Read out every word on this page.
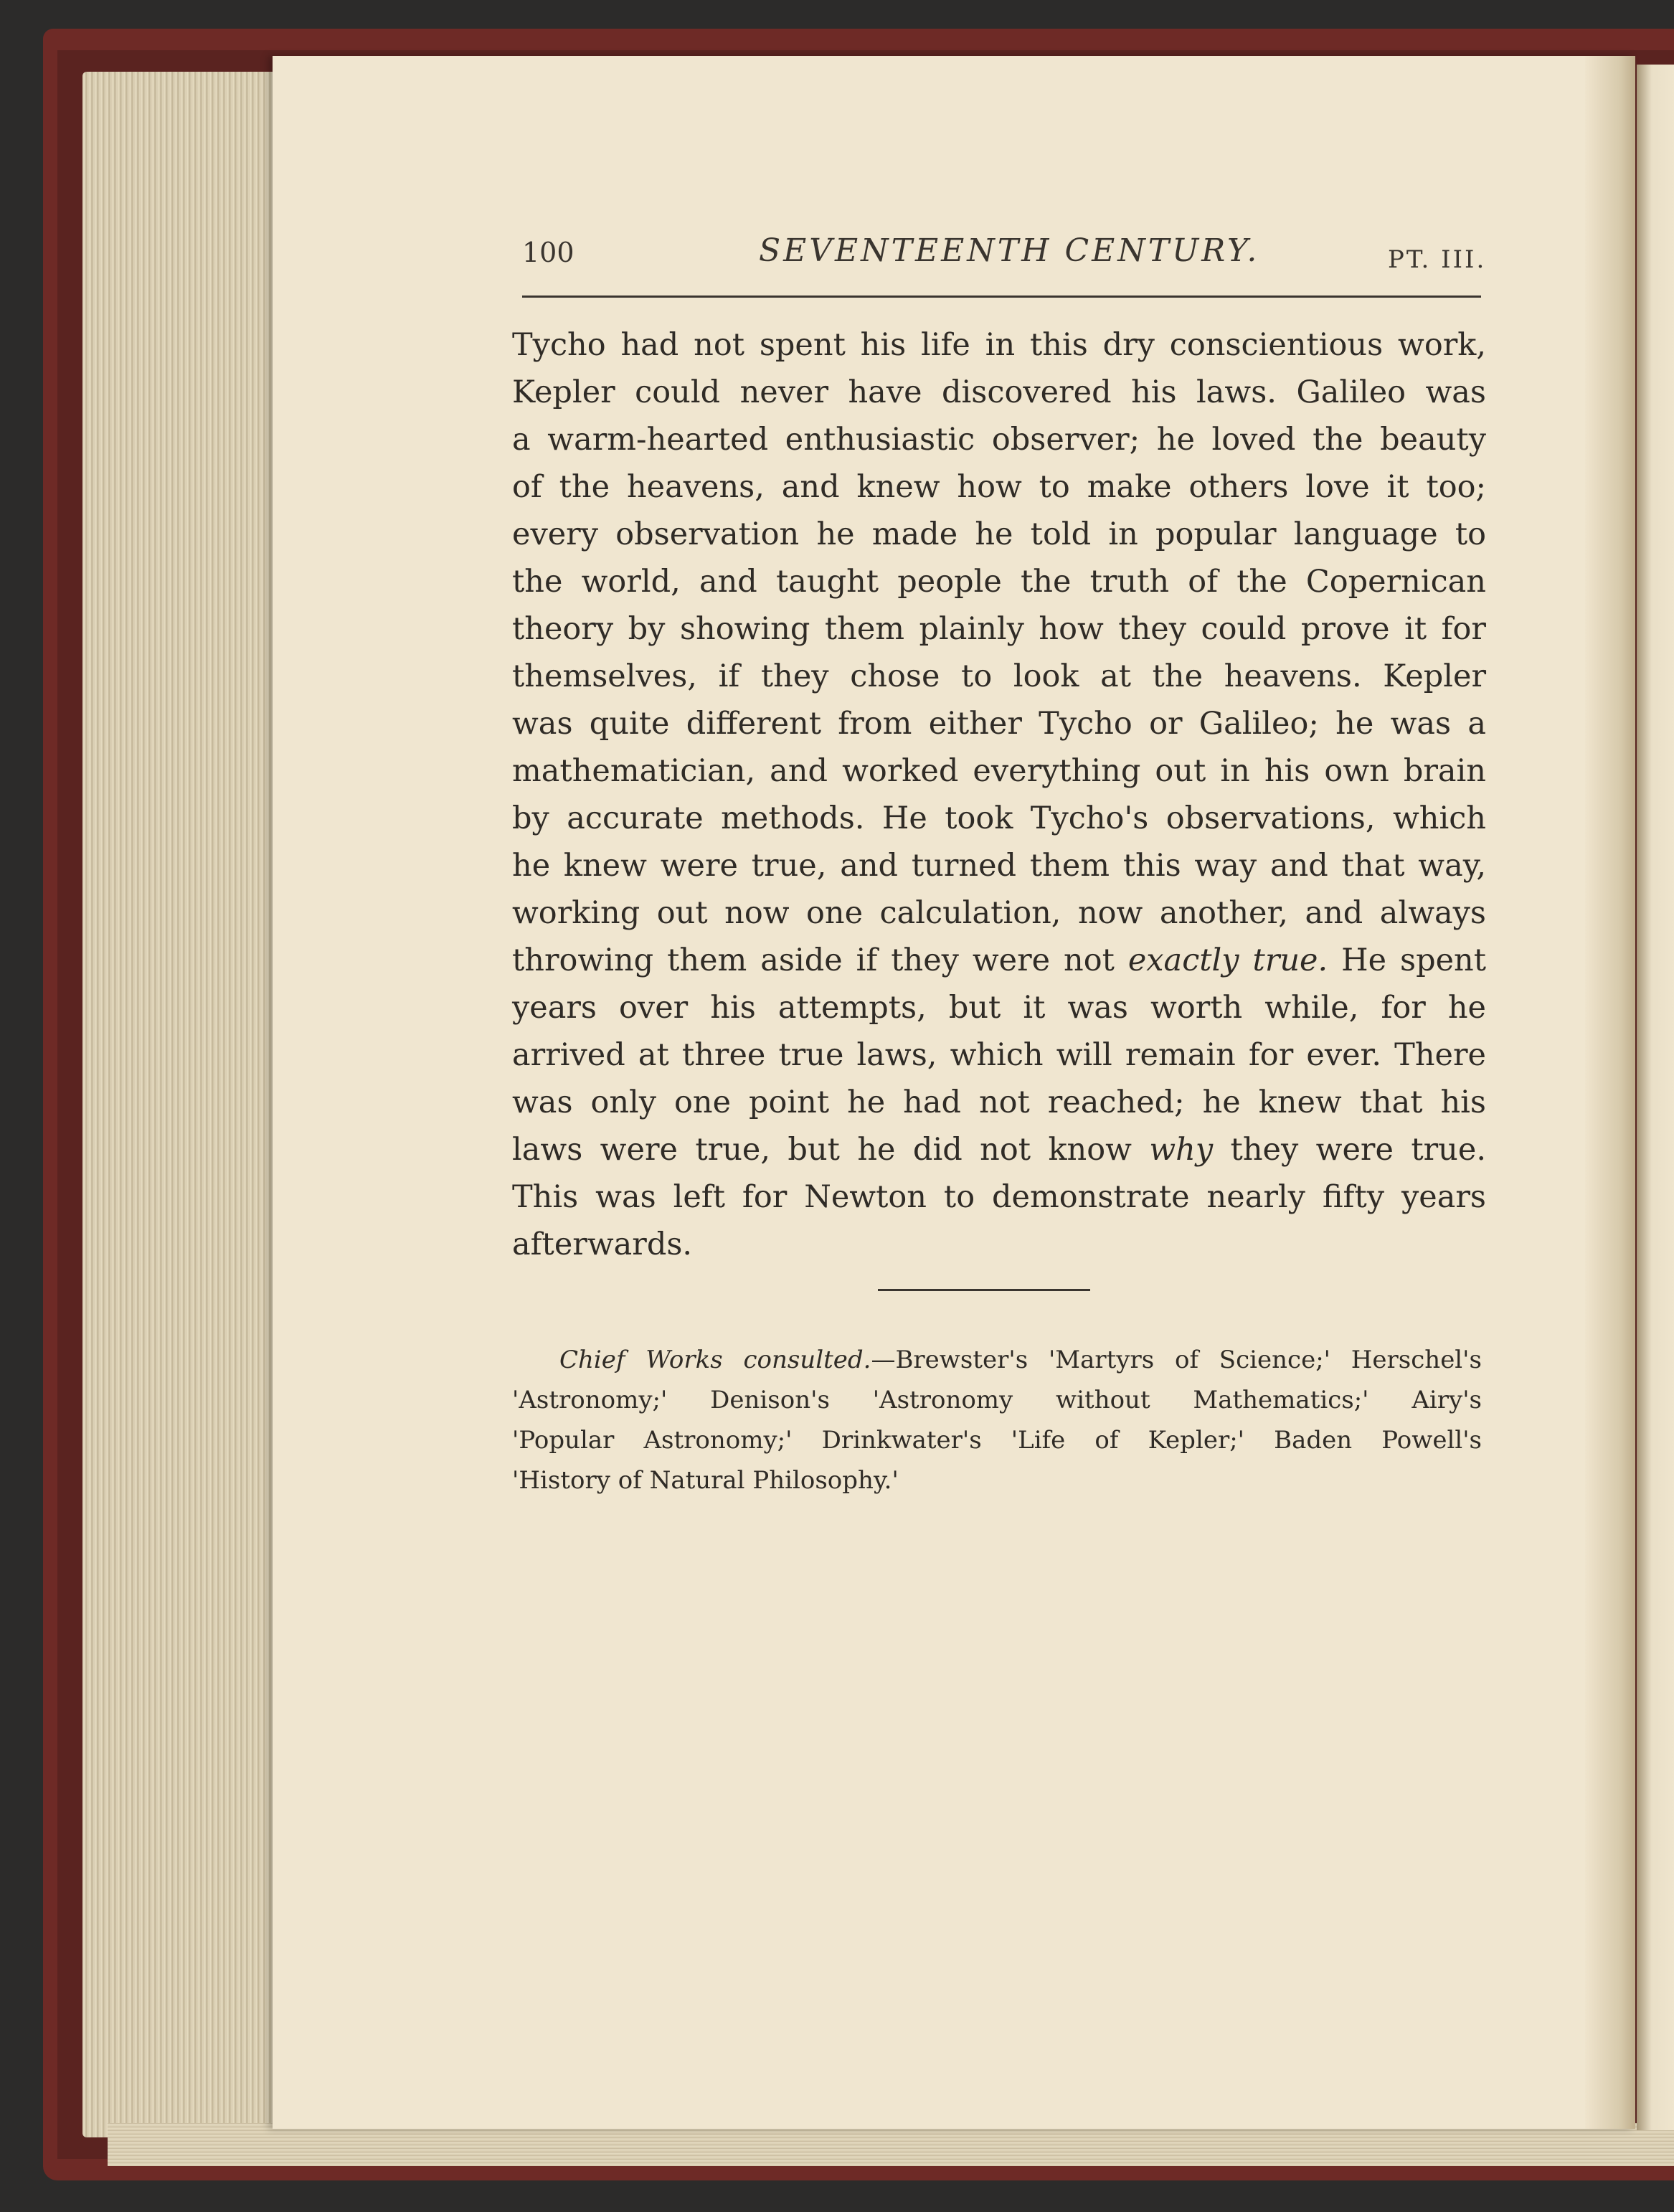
100	SEVENTEENTH CENTURY.	PT. III.
Tycho had not spent his life in this dry conscientious work,
Kepler could never have discovered his laws. Galileo was
a warm-hearted enthusiastic observer; he loved the beauty
of the heavens, and knew how to make others love it too;
every observation he made he told in popular language to
the world, and taught people the truth of the Copernican
theory by showing them plainly how they could prove it for
themselves, if they chose to look at the heavens. Kepler
was quite different from either Tycho or Galileo; he was a
mathematician, and worked everything out in his own brain
by accurate methods. He took Tycho's observations, which
he knew were true, and turned them this way and that way,
working out now one calculation, now another, and always
throwing them aside if they were not exactly true. He spent
years over his attempts, but it was worth while, for he
arrived at three true laws, which will remain for ever. There
was only one point he had not reached; he knew that his
laws were true, but he did not know why they were true.
This was left for Newton to demonstrate nearly fifty years
afterwards.
Chief Works consulted.—Brewster's 'Martyrs of Science;' Herschel's
'Astronomy;' Denison's 'Astronomy without Mathematics;' Airy's
'Popular Astronomy;' Drinkwater's 'Life of Kepler;' Baden Powell's
'History of Natural Philosophy.'
